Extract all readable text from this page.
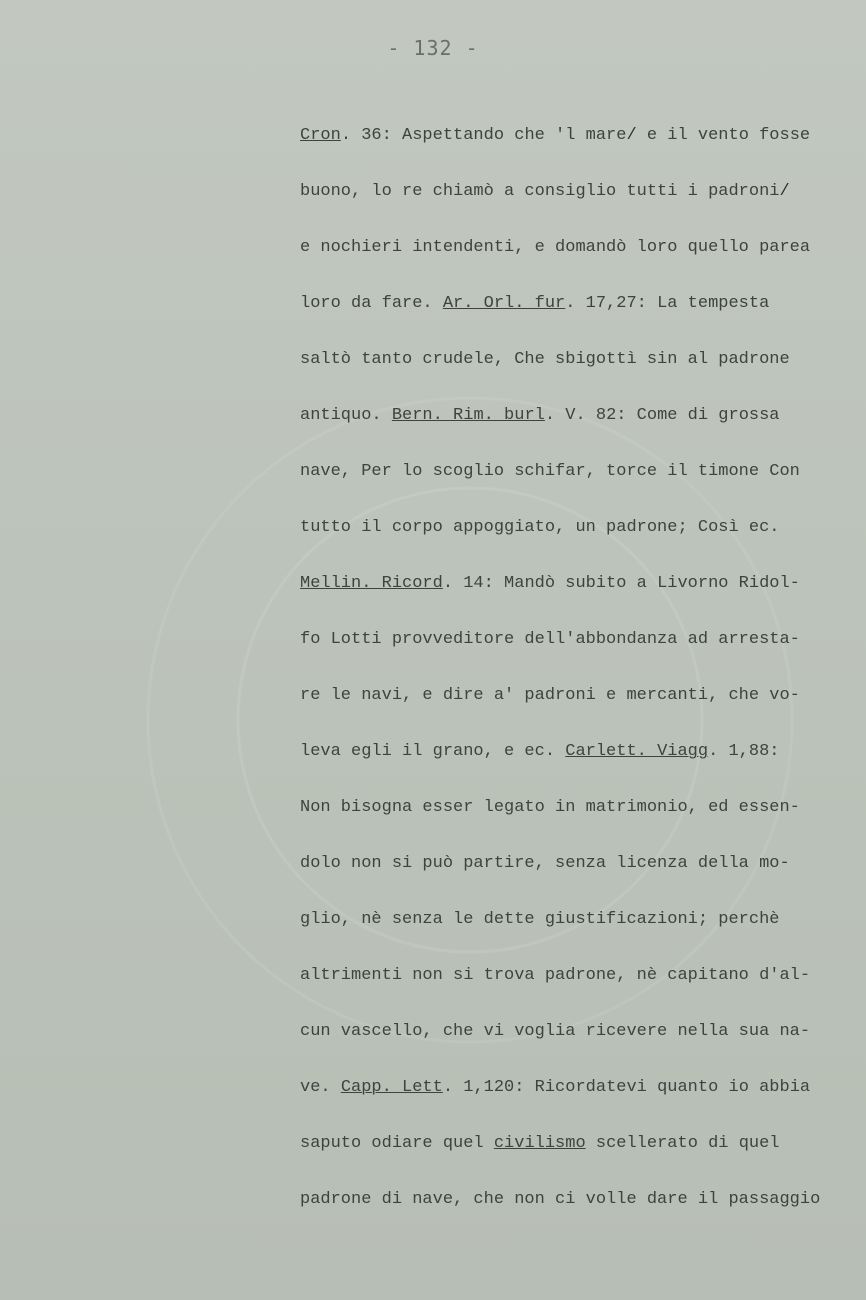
- 132 -
Cron. 36: Aspettando che 'l mare/ e il vento fosse
buono, lo re chiamò a consiglio tutti i padroni/
e nochieri intendenti, e domandò loro quello parea
loro da fare. Ar. Orl. fur. 17,27: La tempesta
saltò tanto crudele, Che sbigottì sin al padrone
antiquo. Bern. Rim. burl. V. 82: Come di grossa
nave, Per lo scoglio schifar, torce il timone Con
tutto il corpo appoggiato, un padrone; Così ec.
Mellin. Ricord. 14: Mandò subito a Livorno Ridol-
fo Lotti provveditore dell'abbondanza ad arresta-
re le navi, e dire a' padroni e mercanti, che vo-
leva egli il grano, e ec. Carlett. Viagg. 1,88:
Non bisogna esser legato in matrimonio, ed essen-
dolo non si può partire, senza licenza della mo-
glio, nè senza le dette giustificazioni; perchè
altrimenti non si trova padrone, nè capitano d'al-
cun vascello, che vi voglia ricevere nella sua na-
ve. Capp. Lett. 1,120: Ricordatevi quanto io abbia
saputo odiare quel civilismo scellerato di quel
padrone di nave, che non ci volle dare il passaggio
